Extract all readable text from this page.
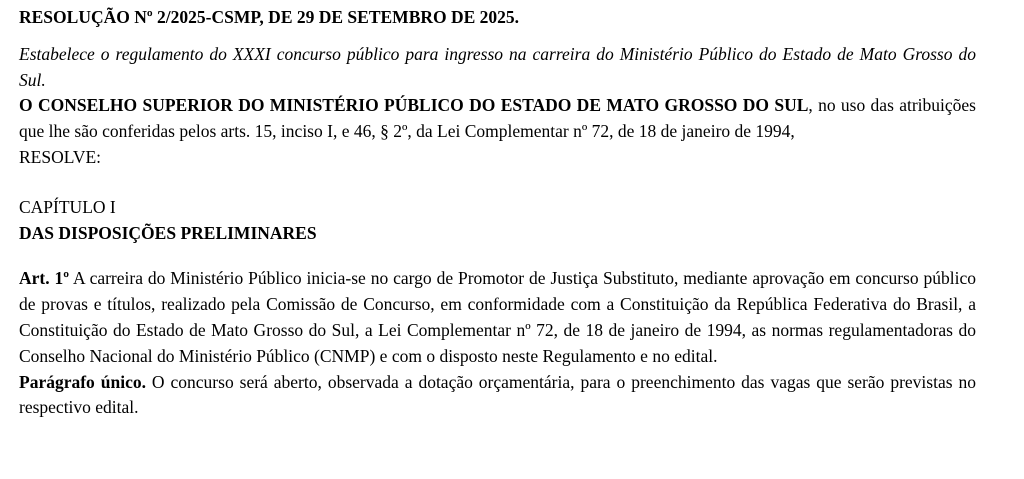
RESOLUÇÃO Nº 2/2025-CSMP, DE 29 DE SETEMBRO DE 2025.

Estabelece o regulamento do XXXI concurso público para ingresso na carreira do Ministério Público do Estado de Mato Grosso do Sul.

O CONSELHO SUPERIOR DO MINISTÉRIO PÚBLICO DO ESTADO DE MATO GROSSO DO SUL, no uso das atribuições que lhe são conferidas pelos arts. 15, inciso I, e 46, § 2º, da Lei Complementar nº 72, de 18 de janeiro de 1994,

RESOLVE:

CAPÍTULO I

DAS DISPOSIÇÕES PRELIMINARES

Art. 1º A carreira do Ministério Público inicia-se no cargo de Promotor de Justiça Substituto, mediante aprovação em concurso público de provas e títulos, realizado pela Comissão de Concurso, em conformidade com a Constituição da República Federativa do Brasil, a Constituição do Estado de Mato Grosso do Sul, a Lei Complementar nº 72, de 18 de janeiro de 1994, as normas regulamentadoras do Conselho Nacional do Ministério Público (CNMP) e com o disposto neste Regulamento e no edital.

Parágrafo único. O concurso será aberto, observada a dotação orçamentária, para o preenchimento das vagas que serão previstas no respectivo edital.
